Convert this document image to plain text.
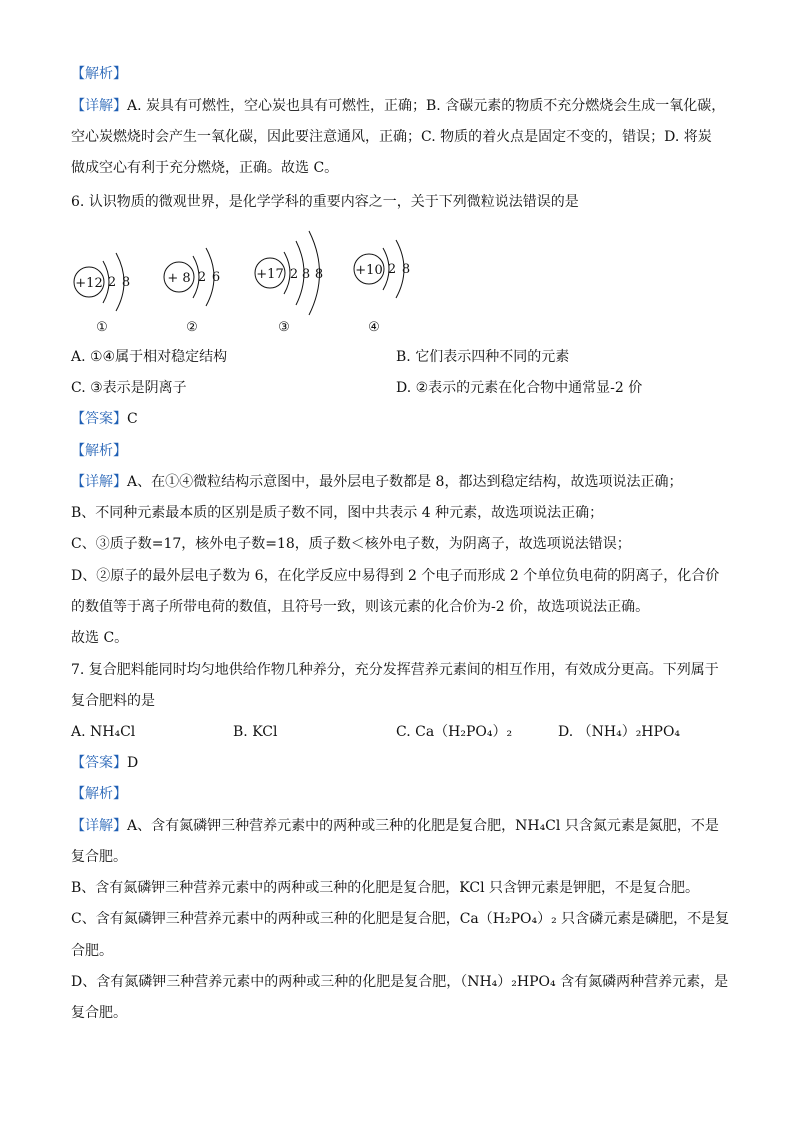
【解析】
【详解】A. 炭具有可燃性，空心炭也具有可燃性，正确；B. 含碳元素的物质不充分燃烧会生成一氧化碳，
空心炭燃烧时会产生一氧化碳，因此要注意通风，正确；C. 物质的着火点是固定不变的，错误；D. 将炭
做成空心有利于充分燃烧，正确。故选 C。
6. 认识物质的微观世界，是化学学科的重要内容之一，关于下列微粒说法错误的是
+12 2 8
①
+ 8 2 6
②
+17 2 8 8
③
+10 2 8
④
A. ①④属于相对稳定结构	B. 它们表示四种不同的元素
C. ③表示是阴离子	D. ②表示的元素在化合物中通常显-2 价
【答案】C
【解析】
【详解】A、在①④微粒结构示意图中，最外层电子数都是 8，都达到稳定结构，故选项说法正确；
B、不同种元素最本质的区别是质子数不同，图中共表示 4 种元素，故选项说法正确；
C、③质子数=17，核外电子数=18，质子数＜核外电子数，为阴离子，故选项说法错误；
D、②原子的最外层电子数为 6，在化学反应中易得到 2 个电子而形成 2 个单位负电荷的阴离子，化合价
的数值等于离子所带电荷的数值，且符号一致，则该元素的化合价为-2 价，故选项说法正确。
故选 C。
7. 复合肥料能同时均匀地供给作物几种养分，充分发挥营养元素间的相互作用，有效成分更高。下列属于
复合肥料的是
A. NH₄Cl	B. KCl	C. Ca（H₂PO₄）₂	D. （NH₄）₂HPO₄
【答案】D
【解析】
【详解】A、含有氮磷钾三种营养元素中的两种或三种的化肥是复合肥，NH₄Cl 只含氮元素是氮肥，不是
复合肥。
B、含有氮磷钾三种营养元素中的两种或三种的化肥是复合肥，KCl 只含钾元素是钾肥，不是复合肥。
C、含有氮磷钾三种营养元素中的两种或三种的化肥是复合肥，Ca（H₂PO₄）₂ 只含磷元素是磷肥，不是复
合肥。
D、含有氮磷钾三种营养元素中的两种或三种的化肥是复合肥，（NH₄）₂HPO₄ 含有氮磷两种营养元素，是
复合肥。
